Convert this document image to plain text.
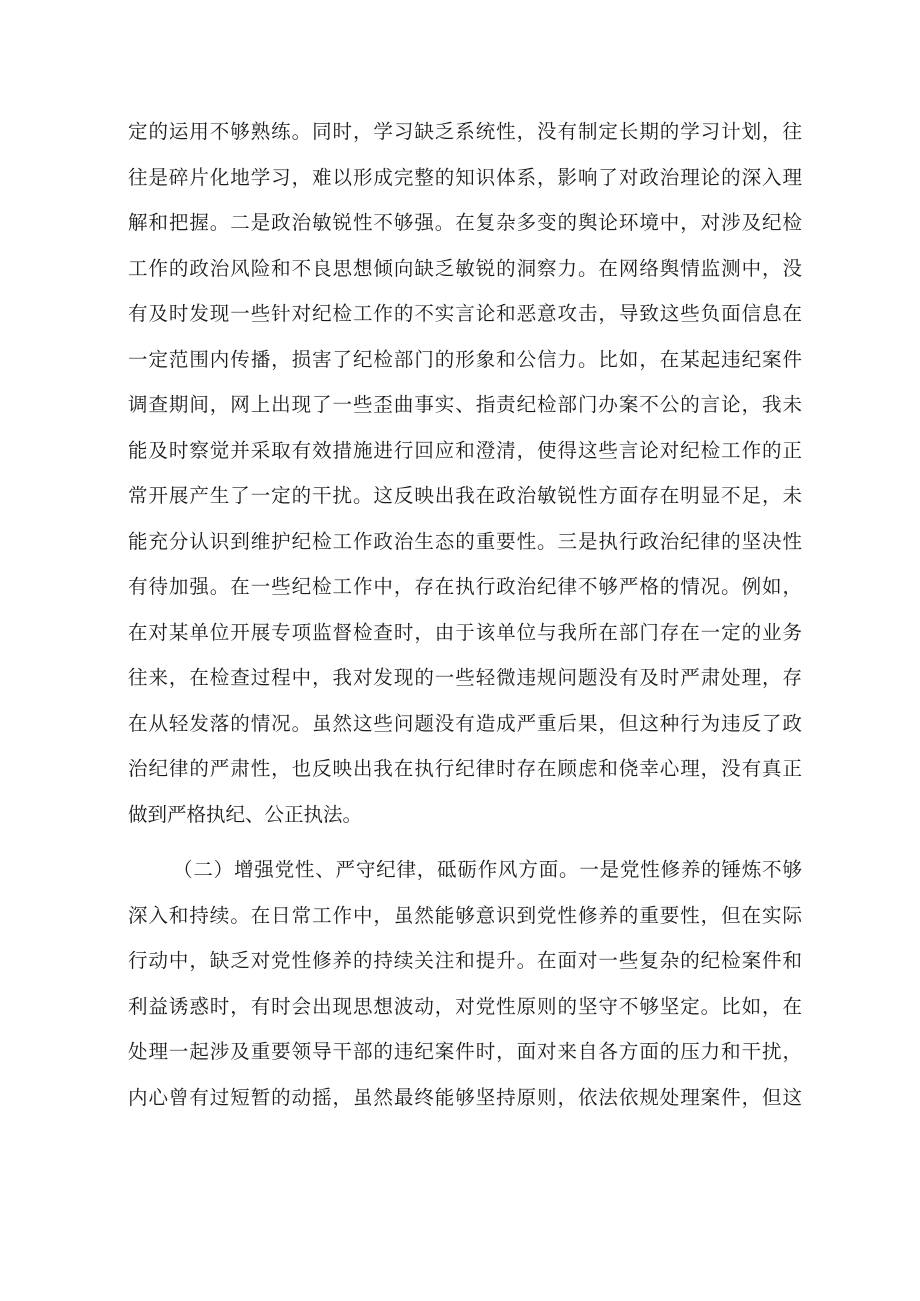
定的运用不够熟练。同时，学习缺乏系统性，没有制定长期的学习计划，往
往是碎片化地学习，难以形成完整的知识体系，影响了对政治理论的深入理
解和把握。二是政治敏锐性不够强。在复杂多变的舆论环境中，对涉及纪检
工作的政治风险和不良思想倾向缺乏敏锐的洞察力。在网络舆情监测中，没
有及时发现一些针对纪检工作的不实言论和恶意攻击，导致这些负面信息在
一定范围内传播，损害了纪检部门的形象和公信力。比如，在某起违纪案件
调查期间，网上出现了一些歪曲事实、指责纪检部门办案不公的言论，我未
能及时察觉并采取有效措施进行回应和澄清，使得这些言论对纪检工作的正
常开展产生了一定的干扰。这反映出我在政治敏锐性方面存在明显不足，未
能充分认识到维护纪检工作政治生态的重要性。三是执行政治纪律的坚决性
有待加强。在一些纪检工作中，存在执行政治纪律不够严格的情况。例如，
在对某单位开展专项监督检查时，由于该单位与我所在部门存在一定的业务
往来，在检查过程中，我对发现的一些轻微违规问题没有及时严肃处理，存
在从轻发落的情况。虽然这些问题没有造成严重后果，但这种行为违反了政
治纪律的严肃性，也反映出我在执行纪律时存在顾虑和侥幸心理，没有真正
做到严格执纪、公正执法。
（二）增强党性、严守纪律，砥砺作风方面。一是党性修养的锤炼不够
深入和持续。在日常工作中，虽然能够意识到党性修养的重要性，但在实际
行动中，缺乏对党性修养的持续关注和提升。在面对一些复杂的纪检案件和
利益诱惑时，有时会出现思想波动，对党性原则的坚守不够坚定。比如，在
处理一起涉及重要领导干部的违纪案件时，面对来自各方面的压力和干扰，
内心曾有过短暂的动摇，虽然最终能够坚持原则，依法依规处理案件，但这
